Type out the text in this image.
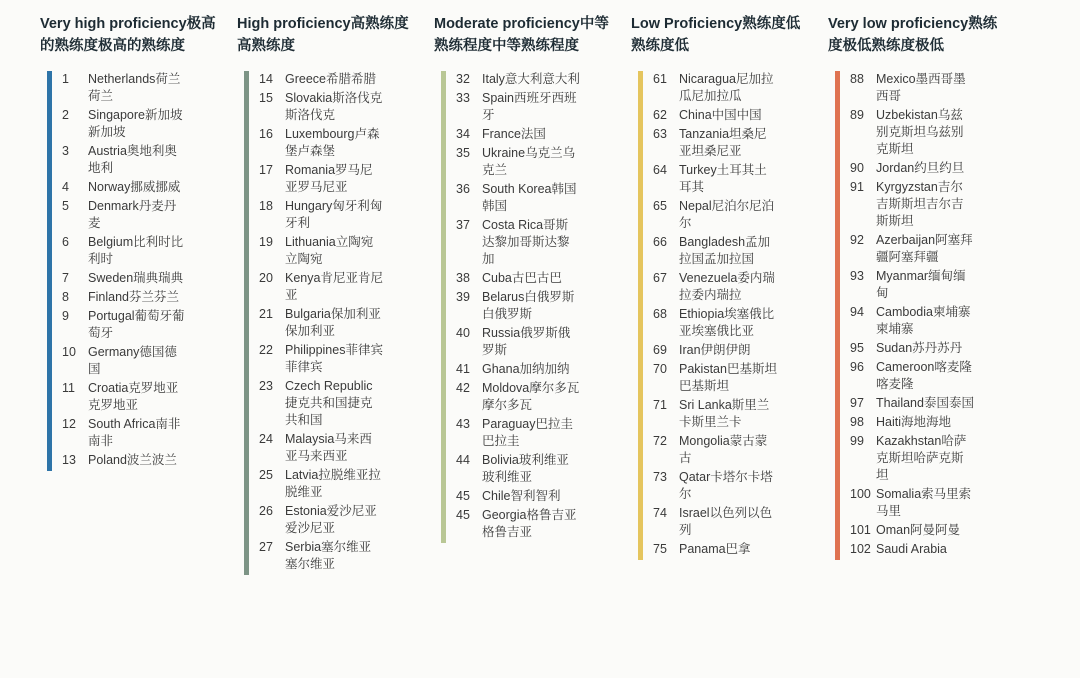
Very high proficiency极高的熟练度极高的熟练度
1	Netherlands荷兰荷兰
2	Singapore新加坡新加坡
3	Austria奥地利奥地利
4	Norway挪威挪威
5	Denmark丹麦丹麦
6	Belgium比利时比利时
7	Sweden瑞典瑞典
8	Finland芬兰芬兰
9	Portugal葡萄牙葡萄牙
10 Germany德国德国
11	Croatia克罗地亚克罗地亚
12 South Africa南非南非
13 Poland波兰波兰
High proficiency高熟练度高熟练度
14 Greece希腊希腊
15 Slovakia斯洛伐克斯洛伐克
16 Luxembourg卢森堡卢森堡
17 Romania罗马尼亚罗马尼亚
18 Hungary匈牙利匈牙利
19 Lithuania立陶宛立陶宛
20 Kenya肯尼亚肯尼亚
21 Bulgaria保加利亚保加利亚
22 Philippines菲律宾菲律宾
23 Czech Republic捷克共和国捷克共和国
24 Malaysia马来西亚马来西亚
25 Latvia拉脱维亚拉脱维亚
26 Estonia爱沙尼亚爱沙尼亚
27 Serbia塞尔维亚塞尔维亚
Moderate proficiency中等熟练程度中等熟练程度
32 Italy意大利意大利
33 Spain西班牙西班牙
34 France法国
35 Ukraine乌克兰乌克兰
36 South Korea韩国韩国
37 Costa Rica哥斯达黎加哥斯达黎加
38 Cuba古巴古巴
39 Belarus白俄罗斯白俄罗斯
40 Russia俄罗斯俄罗斯
41 Ghana加纳加纳
42 Moldova摩尔多瓦摩尔多瓦
43 Paraguay巴拉圭巴拉圭
44 Bolivia玻利维亚玻利维亚
45 Chile智利智利
45 Georgia格鲁吉亚格鲁吉亚
Low Proficiency熟练度低熟练度低
61 Nicaragua尼加拉瓜尼加拉瓜
62 China中国中国
63 Tanzania坦桑尼亚坦桑尼亚
64 Turkey土耳其土耳其
65 Nepal尼泊尔尼泊尔
66 Bangladesh孟加拉国孟加拉国
67 Venezuela委内瑞拉委内瑞拉
68 Ethiopia埃塞俄比亚埃塞俄比亚
69 Iran伊朗伊朗
70 Pakistan巴基斯坦巴基斯坦
71 Sri Lanka斯里兰卡斯里兰卡
72 Mongolia蒙古蒙古
73 Qatar卡塔尔卡塔尔
74 Israel以色列以色列
75 Panama巴拿
Very low proficiency熟练度极低熟练度极低
88 Mexico墨西哥墨西哥
89 Uzbekistan乌兹别克斯坦乌兹别克斯坦
90 Jordan约旦约旦
91 Kyrgyzstan吉尔吉斯斯坦吉尔吉斯斯坦
92 Azerbaijan阿塞拜疆阿塞拜疆
93 Myanmar缅甸缅甸
94 Cambodia柬埔寨柬埔寨
95 Sudan苏丹苏丹
96 Cameroon喀麦隆喀麦隆
97 Thailand泰国泰国
98 Haiti海地海地
99 Kazakhstan哈萨克斯坦哈萨克斯坦
100 Somalia索马里索马里
101 Oman阿曼阿曼
102 Saudi Arabia
